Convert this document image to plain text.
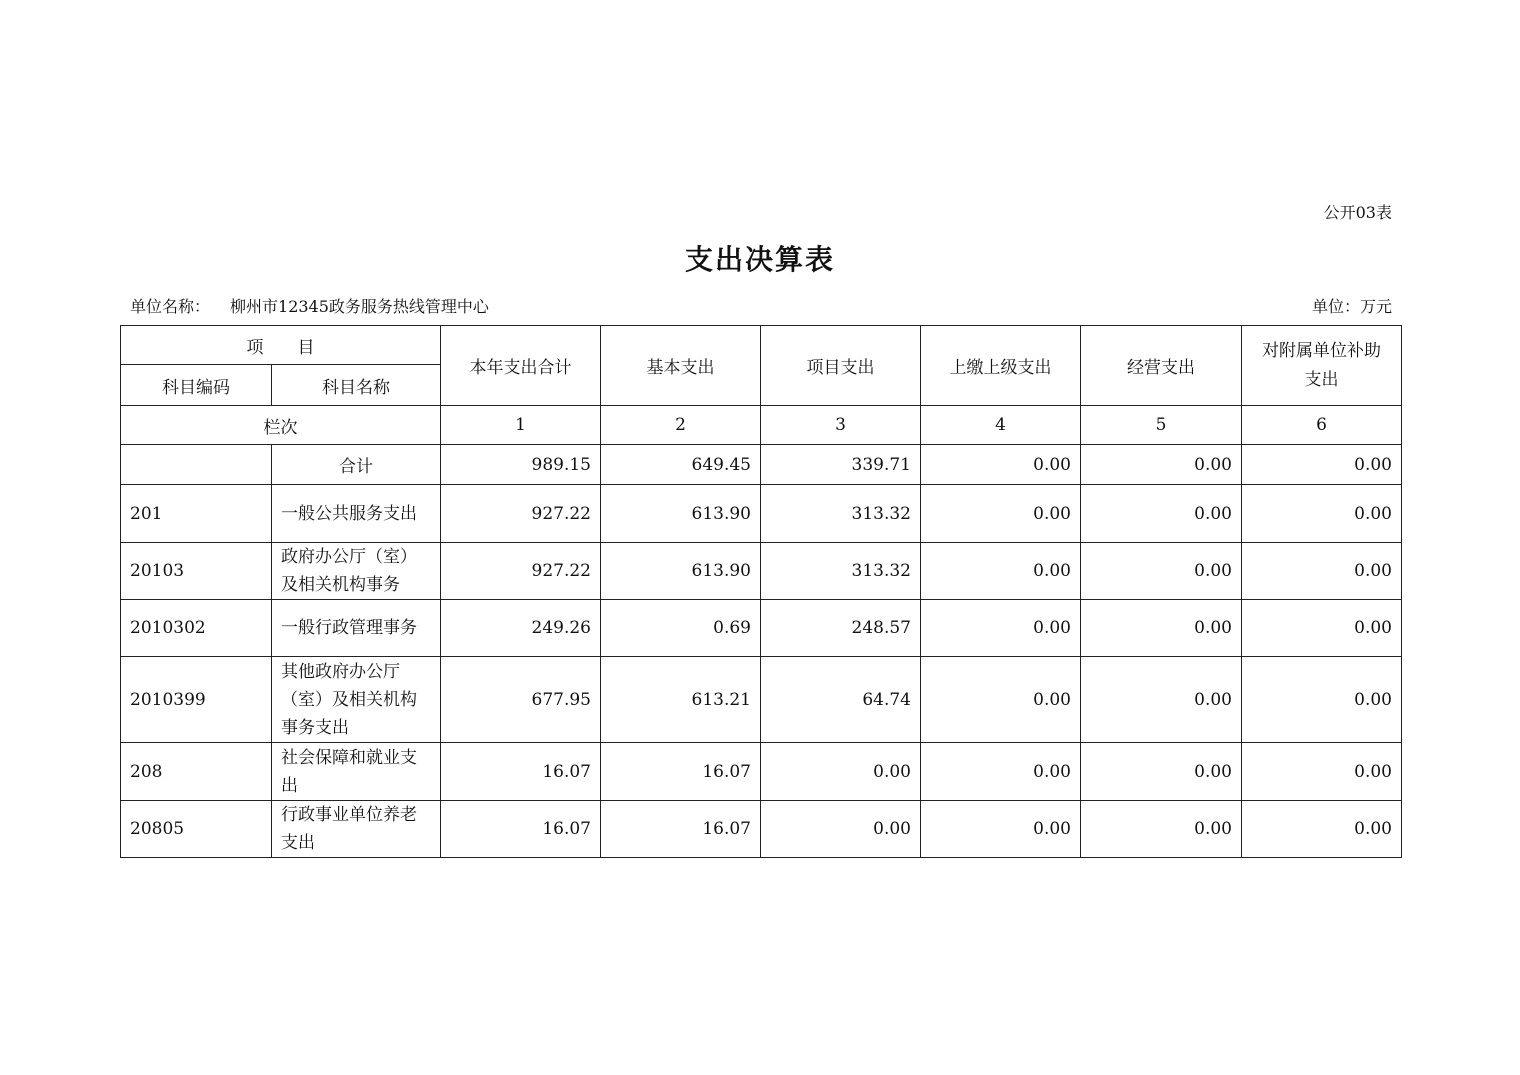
公开03表
支出决算表
单位名称： 柳州市12345政务服务热线管理中心	单位：万元
项　　目		本年支出合计	基本支出	项目支出	上缴上级支出	经营支出	对附属单位补助支出
科目编码	科目名称						
栏次		1	2	3	4	5	6
	合计	989.15	649.45	339.71	0.00	0.00	0.00
201	一般公共服务支出	927.22	613.90	313.32	0.00	0.00	0.00
20103	政府办公厅（室）及相关机构事务	927.22	613.90	313.32	0.00	0.00	0.00
2010302	一般行政管理事务	249.26	0.69	248.57	0.00	0.00	0.00
2010399	其他政府办公厅（室）及相关机构事务支出	677.95	613.21	64.74	0.00	0.00	0.00
208	社会保障和就业支出	16.07	16.07	0.00	0.00	0.00	0.00
20805	行政事业单位养老支出	16.07	16.07	0.00	0.00	0.00	0.00
